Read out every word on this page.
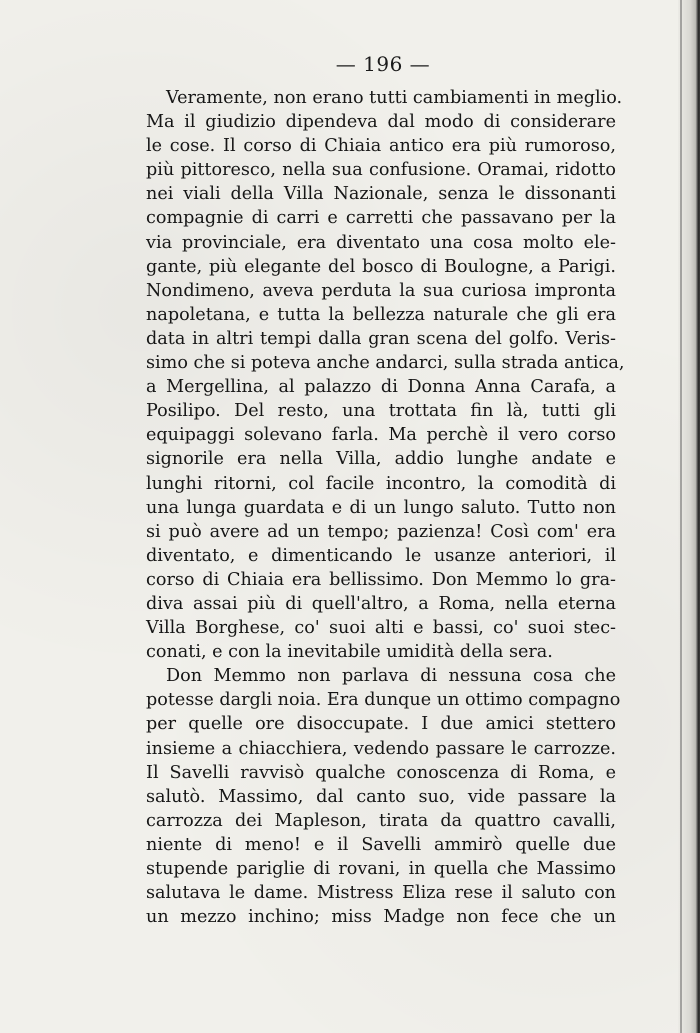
— 196 —
Veramente, non erano tutti cambiamenti in meglio.
Ma il giudizio dipendeva dal modo di considerare
le cose. Il corso di Chiaia antico era più rumoroso,
più pittoresco, nella sua confusione. Oramai, ridotto
nei viali della Villa Nazionale, senza le dissonanti
compagnie di carri e carretti che passavano per la
via provinciale, era diventato una cosa molto ele-
gante, più elegante del bosco di Boulogne, a Parigi.
Nondimeno, aveva perduta la sua curiosa impronta
napoletana, e tutta la bellezza naturale che gli era
data in altri tempi dalla gran scena del golfo. Veris-
simo che si poteva anche andarci, sulla strada antica,
a Mergellina, al palazzo di Donna Anna Carafa, a
Posilipo. Del resto, una trottata fin là, tutti gli
equipaggi solevano farla. Ma perchè il vero corso
signorile era nella Villa, addio lunghe andate e
lunghi ritorni, col facile incontro, la comodità di
una lunga guardata e di un lungo saluto. Tutto non
si può avere ad un tempo; pazienza! Così com' era
diventato, e dimenticando le usanze anteriori, il
corso di Chiaia era bellissimo. Don Memmo lo gra-
diva assai più di quell'altro, a Roma, nella eterna
Villa Borghese, co' suoi alti e bassi, co' suoi stec-
conati, e con la inevitabile umidità della sera.
Don Memmo non parlava di nessuna cosa che
potesse dargli noia. Era dunque un ottimo compagno
per quelle ore disoccupate. I due amici stettero
insieme a chiacchiera, vedendo passare le carrozze.
Il Savelli ravvisò qualche conoscenza di Roma, e
salutò. Massimo, dal canto suo, vide passare la
carrozza dei Mapleson, tirata da quattro cavalli,
niente di meno! e il Savelli ammirò quelle due
stupende pariglie di rovani, in quella che Massimo
salutava le dame. Mistress Eliza rese il saluto con
un mezzo inchino; miss Madge non fece che un
